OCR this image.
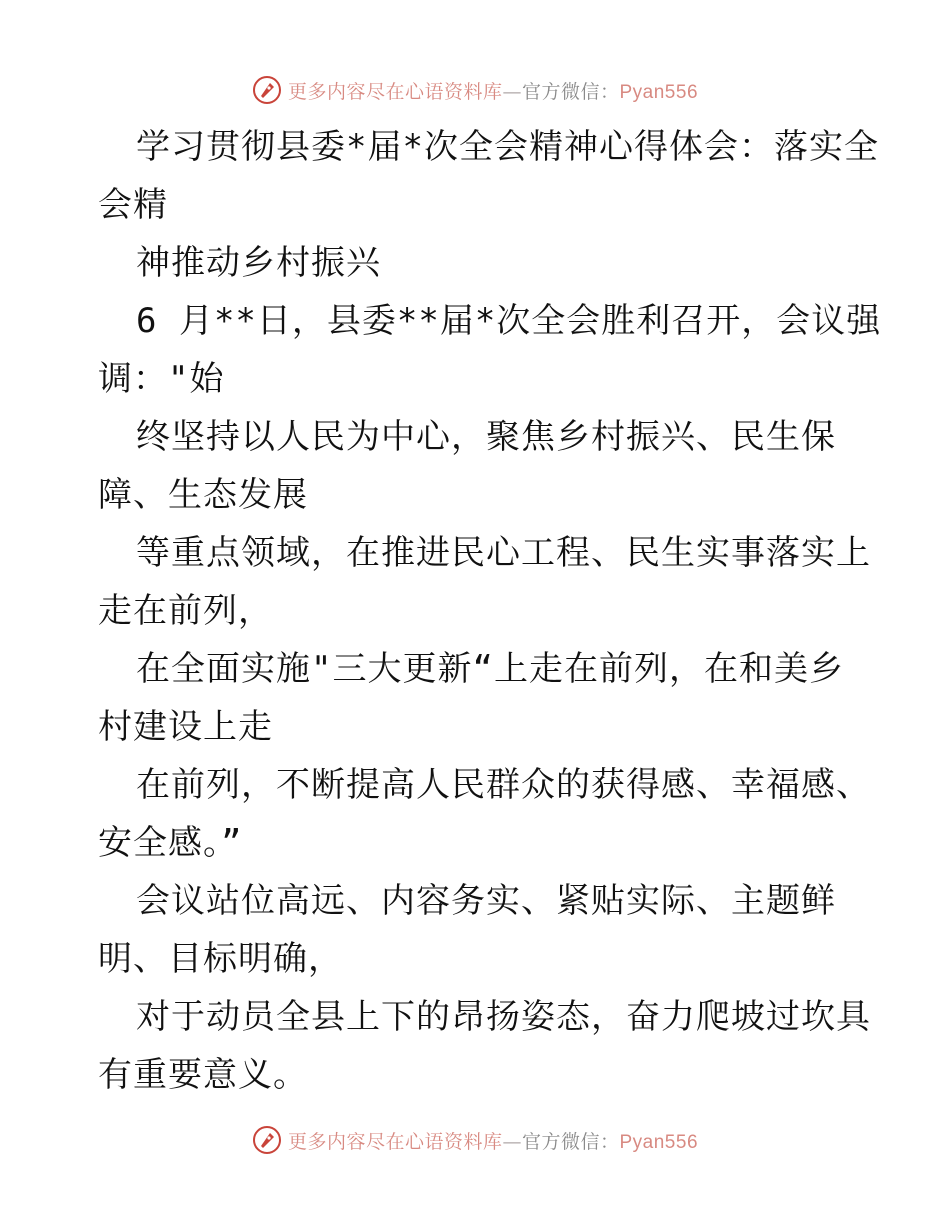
更多内容尽在心语资料库—官方微信：Pyan556
学习贯彻县委*届*次全会精神心得体会：落实全
会精
神推动乡村振兴
6 月**日，县委**届*次全会胜利召开，会议强
调："始
终坚持以人民为中心，聚焦乡村振兴、民生保
障、生态发展
等重点领域，在推进民心工程、民生实事落实上
走在前列，
在全面实施"三大更新“上走在前列，在和美乡
村建设上走
在前列，不断提高人民群众的获得感、幸福感、
安全感。”
会议站位高远、内容务实、紧贴实际、主题鲜
明、目标明确，
对于动员全县上下的昂扬姿态，奋力爬坡过坎具
有重要意义。
更多内容尽在心语资料库—官方微信：Pyan556
